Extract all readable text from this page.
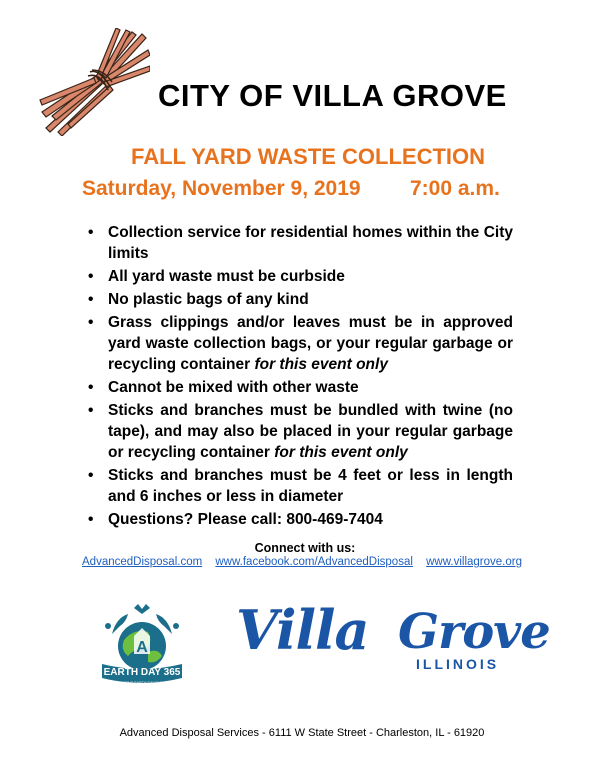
CITY OF VILLA GROVE
FALL YARD WASTE COLLECTION
Saturday, November 9, 2019 7:00 a.m.
• Collection service for residential homes within the City limits
• All yard waste must be curbside
• No plastic bags of any kind
• Grass clippings and/or leaves must be in approved yard waste collection bags, or your regular garbage or recycling container for this event only
• Cannot be mixed with other waste
• Sticks and branches must be bundled with twine (no tape), and may also be placed in your regular garbage or recycling container for this event only
• Sticks and branches must be 4 feet or less in length and 6 inches or less in diameter
• Questions? Please call: 800-469-7404
Connect with us:
AdvancedDisposal.com www.facebook.com/AdvancedDisposal www.villagrove.org
A
EARTH DAY 365
CELEBRATING EARTH DAY EVERY DAY
Villa Grove
ILLINOIS
Advanced Disposal Services - 6111 W State Street - Charleston, IL - 61920
